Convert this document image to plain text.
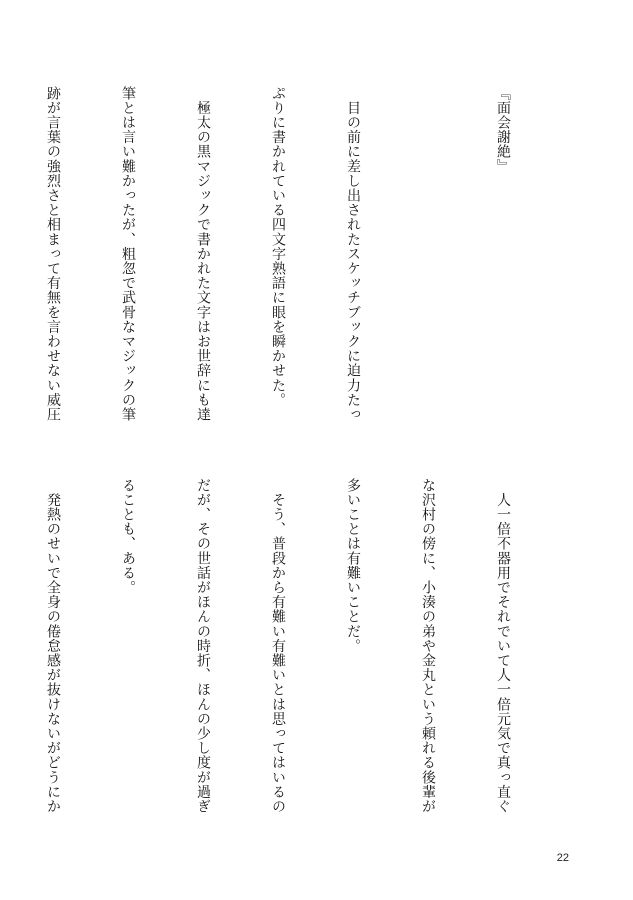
『面会謝絶』

　目の前に差し出されたスケッチブックに迫力たっ

ぷりに書かれている四文字熟語に眼を瞬かせた。

　極太の黒マジックで書かれた文字はお世辞にも達

筆とは言い難かったが、粗忽で武骨なマジックの筆

跡が言葉の強烈さと相まって有無を言わせない威圧

　人一倍不器用でそれでいて人一倍元気で真っ直ぐ

な沢村の傍に、小湊の弟や金丸という頼れる後輩が

多いことは有難いことだ。

　そう、普段から有難い有難いとは思ってはいるの

だが、その世話がほんの時折、ほんの少し度が過ぎ

ることも、ある。

　発熱のせいで全身の倦怠感が抜けないがどうにか

22
